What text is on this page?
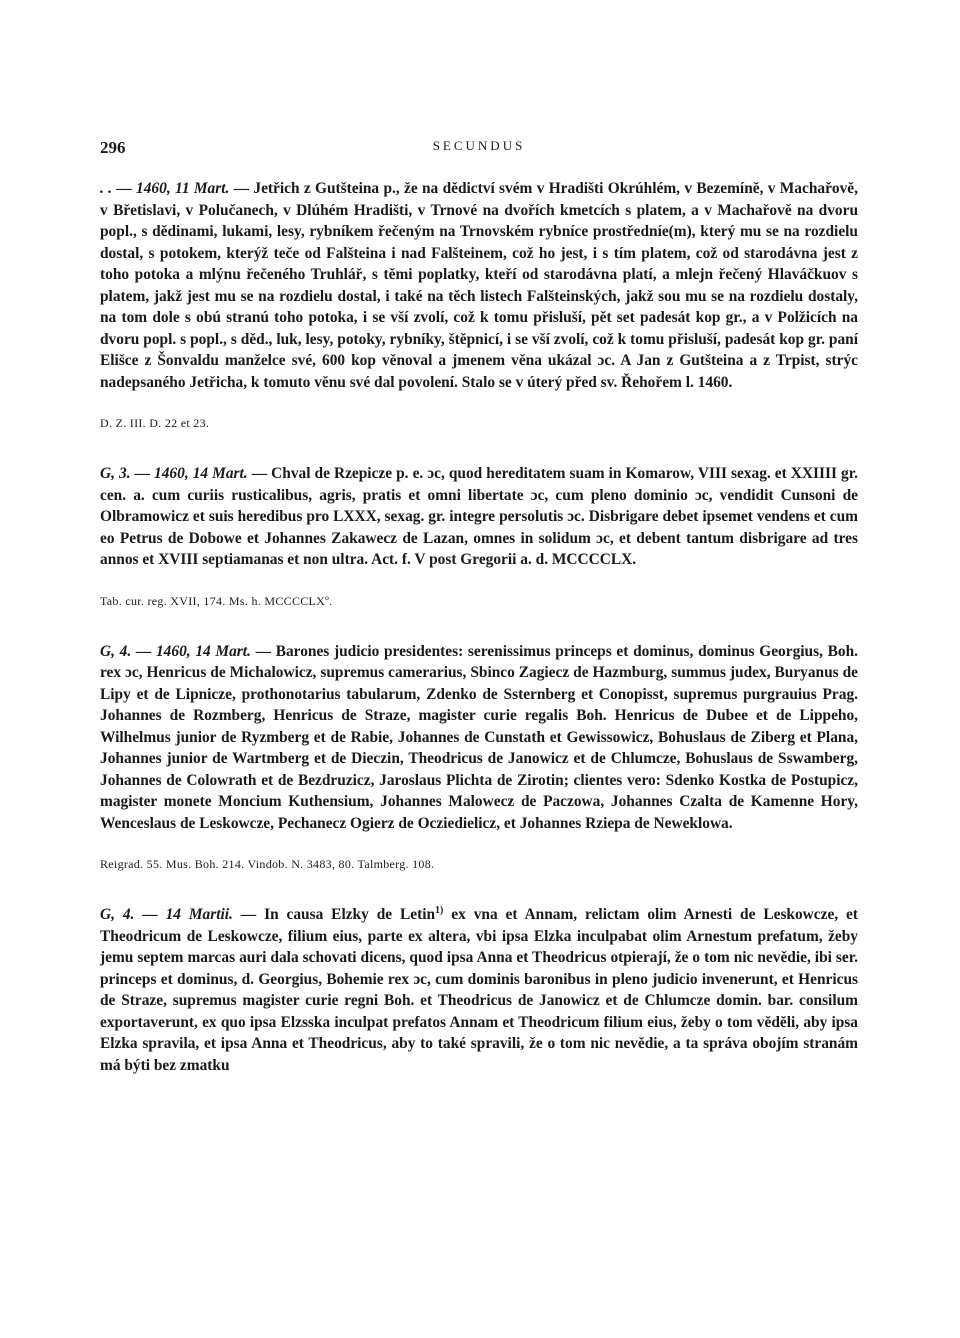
296	SECUNDUS
. . — 1460, 11 Mart. — Jetřich z Gutšteina p., že na dědictví svém v Hradišti Okrúhlém, v Bezemíně, v Machařově, v Břetislavi, v Polučanech, v Dlúhém Hradišti, v Trnové na dvořích kmetcích s platem, a v Machařově na dvoru popl., s dědinami, lukami, lesy, rybníkem řečeným na Trnovském rybníce prostředníe(m), který mu se na rozdielu dostal, s potokem, kterýž teče od Falšteina i nad Falšteinem, což ho jest, i s tím platem, což od starodávna jest z toho potoka a mlýnu řečeného Truhlář, s těmi poplatky, kteří od starodávna platí, a mlejn řečený Hlaváčkuov s platem, jakž jest mu se na rozdielu dostal, i také na těch listech Falšteinských, jakž sou mu se na rozdielu dostaly, na tom dole s obú stranú toho potoka, i se vší zvolí, což k tomu přisluší, pět set padesát kop gr., a v Polžicích na dvoru popl. s popl., s děd., luk, lesy, potoky, rybníky, štěpnicí, i se vší zvolí, což k tomu přisluší, padesát kop gr. paní Elišce z Šonvaldu manželce své, 600 kop věnoval a jmenem věna ukázal ɔc. A Jan z Gutšteina a z Trpist, strýc nadepsaného Jetřicha, k tomuto věnu své dal povolení. Stalo se v úterý před sv. Řehořem l. 1460.
D. Z. III. D. 22 et 23.
G, 3. — 1460, 14 Mart. — Chval de Rzepicze p. e. ɔc, quod hereditatem suam in Komarow, VIII sexag. et XXIIII gr. cen. a. cum curiis rusticalibus, agris, pratis et omni libertate ɔc, cum pleno dominio ɔc, vendidit Cunsoni de Olbramowicz et suis heredibus pro LXXX, sexag. gr. integre persolutis ɔc. Disbrigare debet ipsemet vendens et cum eo Petrus de Dobowe et Johannes Zakawecz de Lazan, omnes in solidum ɔc, et debent tantum disbrigare ad tres annos et XVIII septiamanas et non ultra. Act. f. V post Gregorii a. d. MCCCCLX.
Tab. cur. reg. XVII, 174. Ms. h. MCCCCLXº.
G, 4. — 1460, 14 Mart. — Barones judicio presidentes: serenissimus princeps et dominus, dominus Georgius, Boh. rex ɔc, Henricus de Michalowicz, supremus camerarius, Sbinco Zagiecz de Hazmburg, summus judex, Buryanus de Lipy et de Lipnicze, prothonotarius tabularum, Zdenko de Ssternberg et Conopisst, supremus purgrauius Prag. Johannes de Rozmberg, Henricus de Straze, magister curie regalis Boh. Henricus de Dubee et de Lippeho, Wilhelmus junior de Ryzmberg et de Rabie, Johannes de Cunstath et Gewissowicz, Bohuslaus de Ziberg et Plana, Johannes junior de Wartmberg et de Dieczin, Theodricus de Janowicz et de Chlumcze, Bohuslaus de Sswamberg, Johannes de Colowrath et de Bezdruzicz, Jaroslaus Plichta de Zirotin; clientes vero: Sdenko Kostka de Postupicz, magister monete Moncium Kuthensium, Johannes Malowecz de Paczowa, Johannes Czalta de Kamenne Hory, Wenceslaus de Leskowcze, Pechanecz Ogierz de Ocziedielicz, et Johannes Rziepa de Neweklowa.
Reigrad. 55. Mus. Boh. 214. Vindob. N. 3483, 80. Talmberg. 108.
G, 4. — 14 Martii. — In causa Elzky de Letin$^{1)}$ ex vna et Annam, relictam olim Arnesti de Leskowcze, et Theodricum de Leskowcze, filium eius, parte ex altera, vbi ipsa Elzka inculpabat olim Arnestum prefatum, žeby jemu septem marcas auri dala schovati dicens, quod ipsa Anna et Theodricus otpierají, že o tom nic nevědie, ibi ser. princeps et dominus, d. Georgius, Bohemie rex ɔc, cum dominis baronibus in pleno judicio invenerunt, et Henricus de Straze, supremus magister curie regni Boh. et Theodricus de Janowicz et de Chlumcze domin. bar. consilum exportaverunt, ex quo ipsa Elzsska inculpat prefatos Annam et Theodricum filium eius, žeby o tom věděli, aby ipsa Elzka spravila, et ipsa Anna et Theodricus, aby to také spravili, že o tom nic nevědie, a ta správa obojím stranám má býti bez zmatku
